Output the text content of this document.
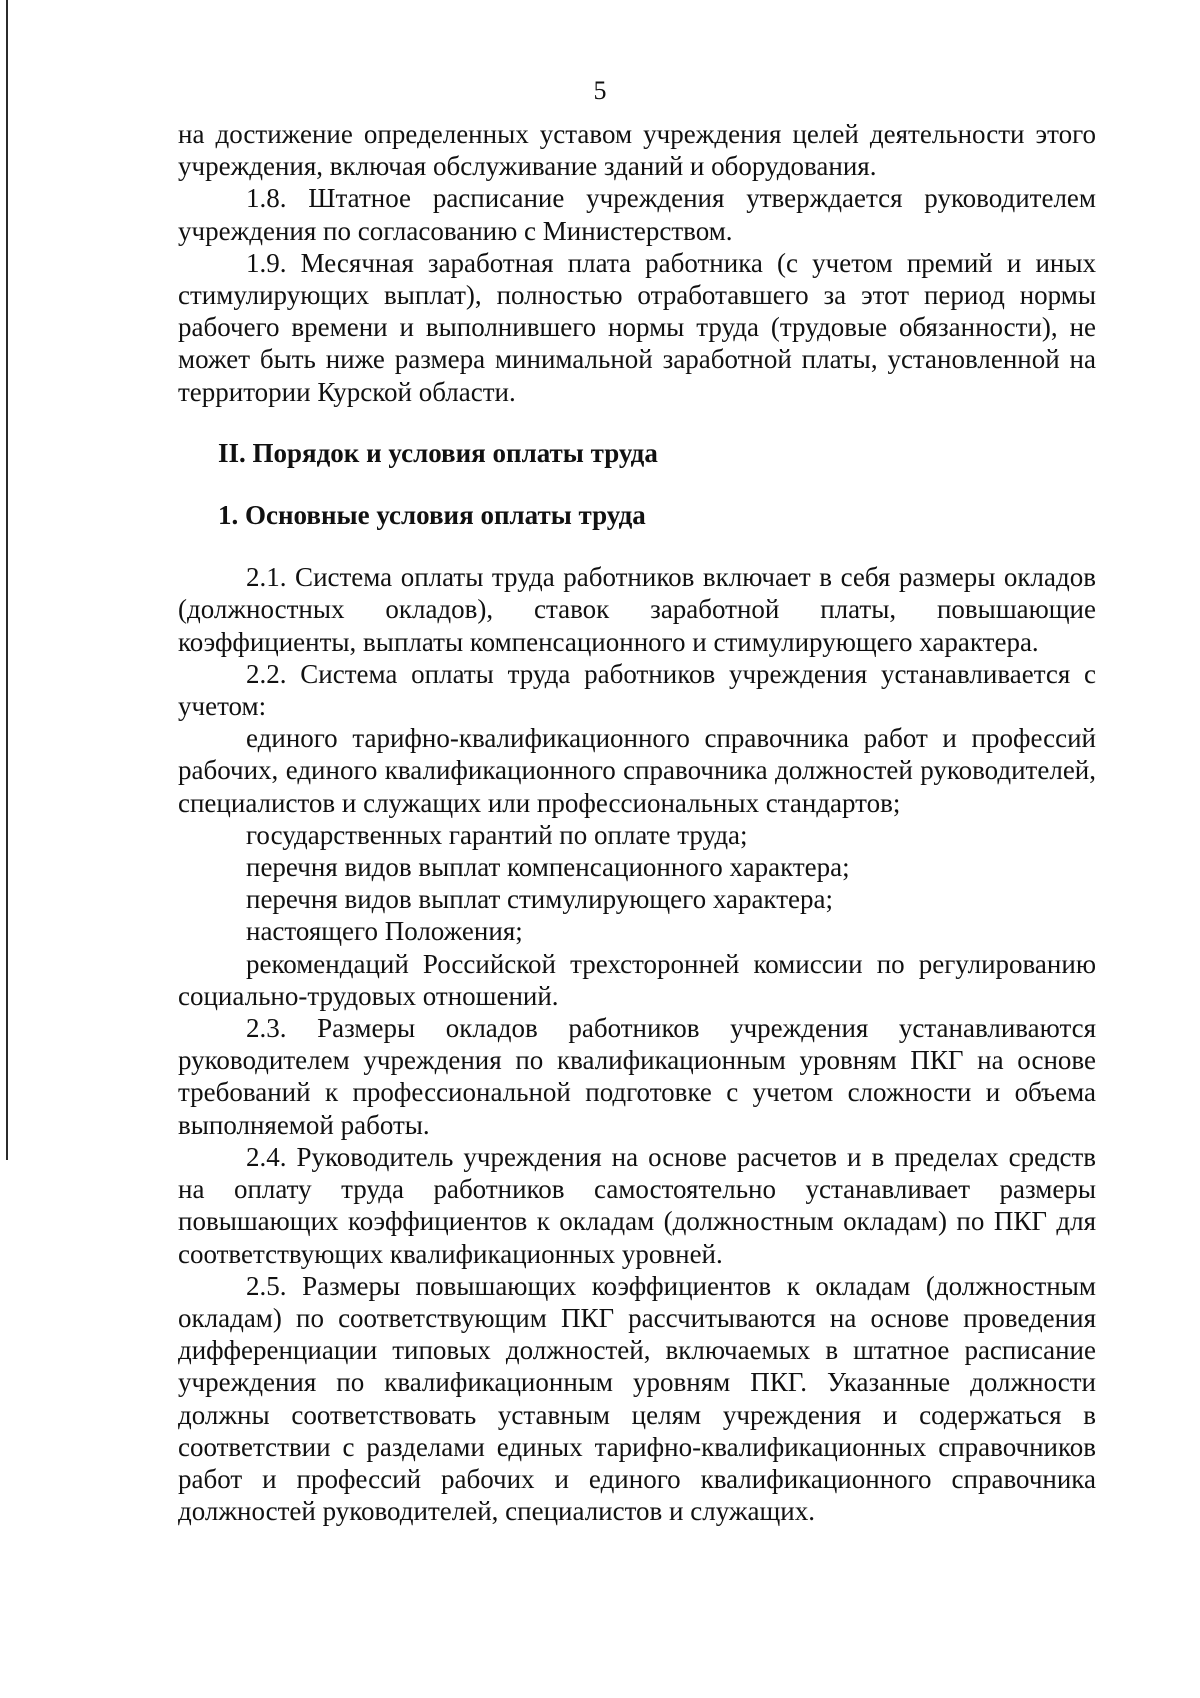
5

на достижение определенных уставом учреждения целей деятельности этого учреждения, включая обслуживание зданий и оборудования.

1.8. Штатное расписание учреждения утверждается руководителем учреждения по согласованию с Министерством.

1.9. Месячная заработная плата работника (с учетом премий и иных стимулирующих выплат), полностью отработавшего за этот период нормы рабочего времени и выполнившего нормы труда (трудовые обязанности), не может быть ниже размера минимальной заработной платы, установленной на территории Курской области.

II. Порядок и условия оплаты труда

1. Основные условия оплаты труда

2.1. Система оплаты труда работников включает в себя размеры окладов (должностных окладов), ставок заработной платы, повышающие коэффициенты, выплаты компенсационного и стимулирующего характера.

2.2. Система оплаты труда работников учреждения устанавливается с учетом:

единого тарифно-квалификационного справочника работ и профессий рабочих, единого квалификационного справочника должностей руководителей, специалистов и служащих или профессиональных стандартов;

государственных гарантий по оплате труда;

перечня видов выплат компенсационного характера;

перечня видов выплат стимулирующего характера;

настоящего Положения;

рекомендаций Российской трехсторонней комиссии по регулированию социально-трудовых отношений.

2.3. Размеры окладов работников учреждения устанавливаются руководителем учреждения по квалификационным уровням ПКГ на основе требований к профессиональной подготовке с учетом сложности и объема выполняемой работы.

2.4. Руководитель учреждения на основе расчетов и в пределах средств на оплату труда работников самостоятельно устанавливает размеры повышающих коэффициентов к окладам (должностным окладам) по ПКГ для соответствующих квалификационных уровней.

2.5. Размеры повышающих коэффициентов к окладам (должностным окладам) по соответствующим ПКГ рассчитываются на основе проведения дифференциации типовых должностей, включаемых в штатное расписание учреждения по квалификационным уровням ПКГ. Указанные должности должны соответствовать уставным целям учреждения и содержаться в соответствии с разделами единых тарифно-квалификационных справочников работ и профессий рабочих и единого квалификационного справочника должностей руководителей, специалистов и служащих.
